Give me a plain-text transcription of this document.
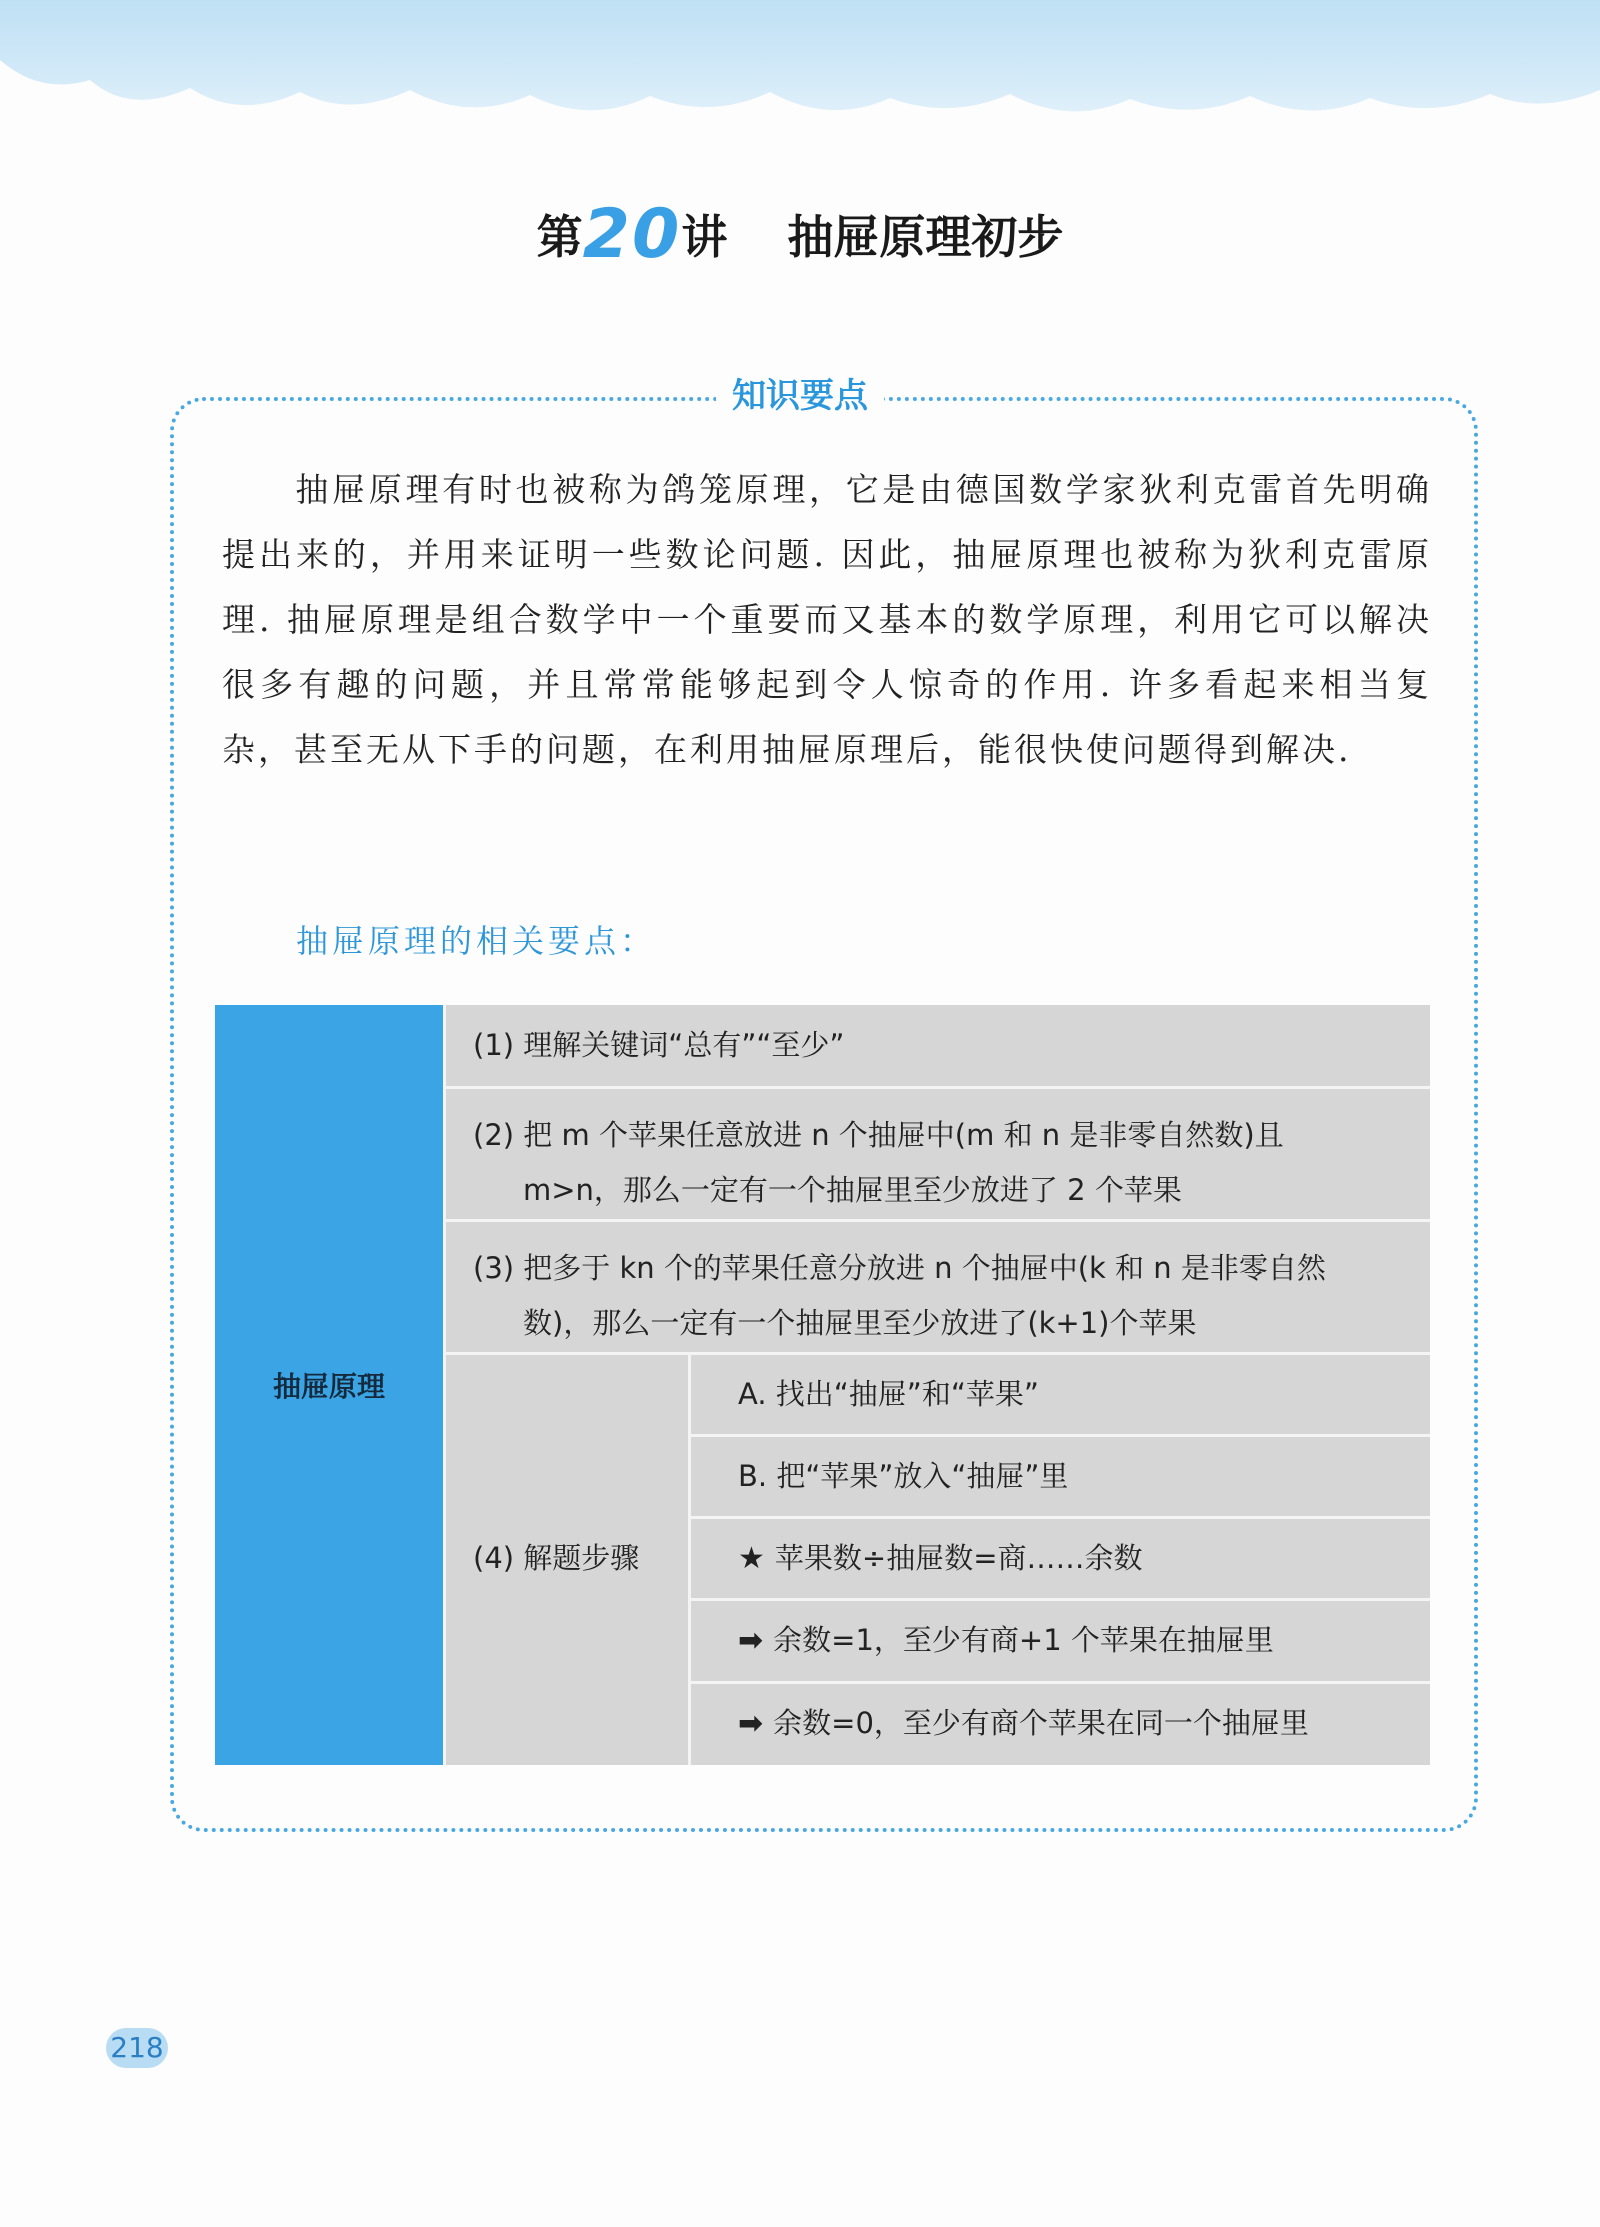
第20讲 抽屉原理初步
知识要点

　　抽屉原理有时也被称为鸽笼原理，它是由德国数学家狄利克雷首先明确提出来的，并用来证明一些数论问题. 因此，抽屉原理也被称为狄利克雷原理. 抽屉原理是组合数学中一个重要而又基本的数学原理，利用它可以解决很多有趣的问题，并且常常能够起到令人惊奇的作用. 许多看起来相当复杂，甚至无从下手的问题，在利用抽屉原理后，能很快使问题得到解决.

抽屉原理的相关要点：
抽屉原理
(1) 理解关键词“总有”“至少”
(2) 把 m 个苹果任意放进 n 个抽屉中(m 和 n 是非零自然数)且

m>n，那么一定有一个抽屉里至少放进了 2 个苹果
(3) 把多于 kn 个的苹果任意分放进 n 个抽屉中(k 和 n 是非零自然

数)，那么一定有一个抽屉里至少放进了(k+1)个苹果
(4) 解题步骤
A. 找出“抽屉”和“苹果”
B. 把“苹果”放入“抽屉”里
★ 苹果数÷抽屉数=商……余数
➡ 余数=1，至少有商+1 个苹果在抽屉里
➡ 余数=0，至少有商个苹果在同一个抽屉里
218
